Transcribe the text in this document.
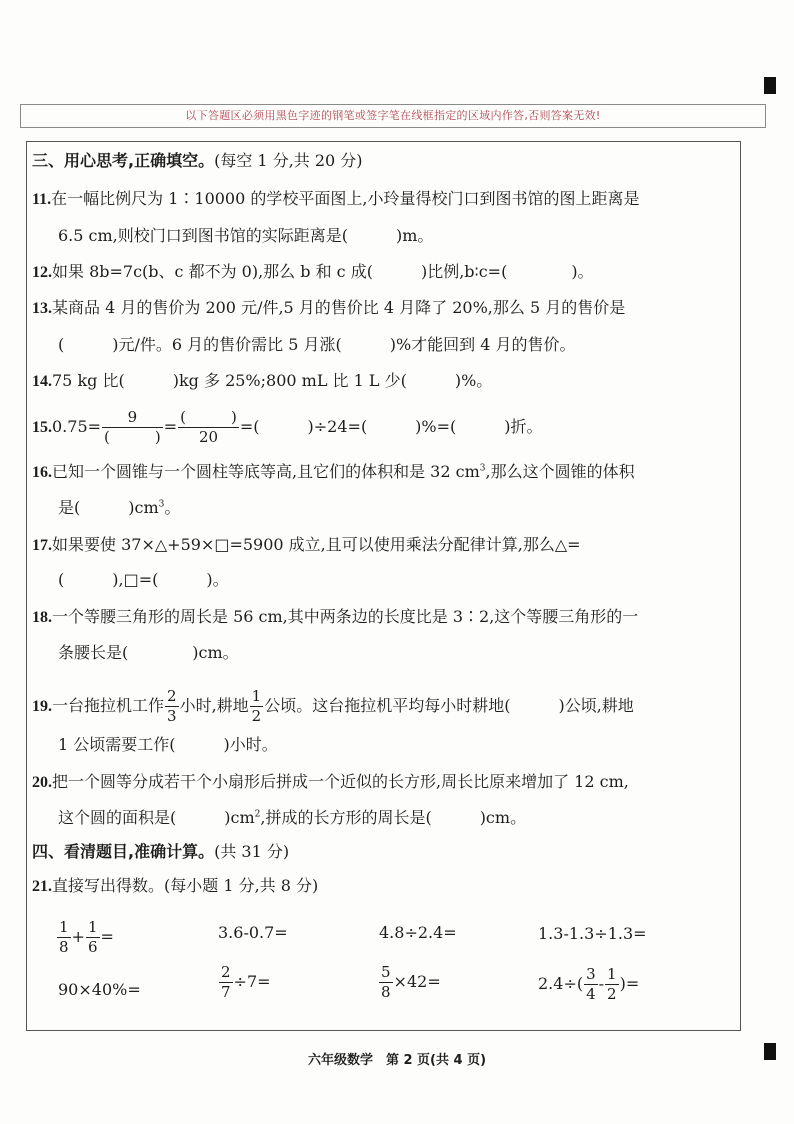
以下答题区必须用黑色字迹的钢笔或签字笔在线框指定的区域内作答,否则答案无效!
三、用心思考,正确填空。(每空 1 分,共 20 分)
11.在一幅比例尺为 1∶10000 的学校平面图上,小玲量得校门口到图书馆的图上距离是
6.5 cm,则校门口到图书馆的实际距离是(　　　)m。
12.如果 8b=7c(b、c 都不为 0),那么 b 和 c 成(　　　)比例,b∶c=(　　　　)。
13.某商品 4 月的售价为 200 元/件,5 月的售价比 4 月降了 20%,那么 5 月的售价是
(　　　)元/件。6 月的售价需比 5 月涨(　　　)%才能回到 4 月的售价。
14.75 kg 比(　　　)kg 多 25%;800 mL 比 1 L 少(　　　)%。
$15.0.75= \frac{9}{( )} = \frac{( )}{20}$ =(　　　)÷24=(　　　)%=(　　　)折。
16.已知一个圆锥与一个圆柱等底等高,且它们的体积和是 32 $cm^3$,那么这个圆锥的体积
是(　　　)$cm^3$。
17.如果要使 37×△+59×□=5900 成立,且可以使用乘法分配律计算,那么△=
(　　　),□=(　　　)。
18.一个等腰三角形的周长是 56 cm,其中两条边的长度比是 3∶2,这个等腰三角形的一
条腰长是(　　　　)cm。
19.一台拖拉机工作 $\frac{2}{3}$ 小时,耕地 $\frac{1}{2}$ 公顷。这台拖拉机平均每小时耕地(　　　)公顷,耕地
1 公顷需要工作(　　　)小时。
20.把一个圆等分成若干个小扇形后拼成一个近似的长方形,周长比原来增加了 12 cm,
这个圆的面积是(　　　)$cm^2$,拼成的长方形的周长是(　　　)cm。
四、看清题目,准确计算。(共 31 分)
21.直接写出得数。(每小题 1 分,共 8 分)
$\frac{1}{8} + \frac{1}{6}$ =	3.6-0.7=	4.8÷2.4=	1.3-1.3÷1.3=
90×40%=	$\frac{2}{7} \div 7=$	$\frac{5}{8} \times 42=$	$2.4\div( \frac{3}{4} - \frac{1}{2}$ )=
六年级数学　第 2 页(共 4 页)
